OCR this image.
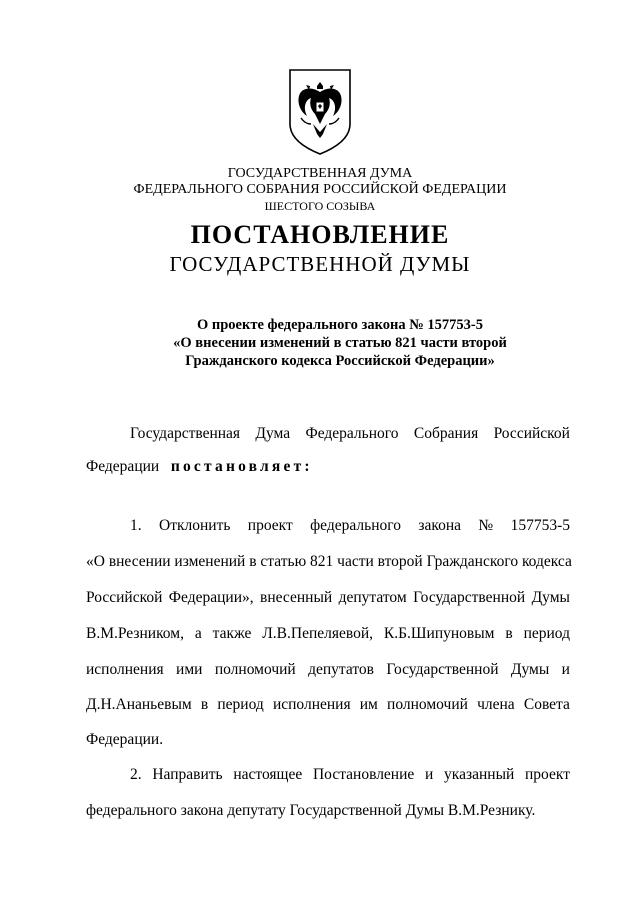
ГОСУДАРСТВЕННАЯ ДУМА
ФЕДЕРАЛЬНОГО СОБРАНИЯ РОССИЙСКОЙ ФЕДЕРАЦИИ
ШЕСТОГО СОЗЫВА
ПОСТАНОВЛЕНИЕ
ГОСУДАРСТВЕННОЙ ДУМЫ
О проекте федерального закона № 157753-5
«О внесении изменений в статью 821 части второй
Гражданского кодекса Российской Федерации»
Государственная Дума Федерального Собрания Российской
Федерации постановляет:
1. Отклонить проект федерального закона № 157753-5
«О внесении изменений в статью 821 части второй Гражданского кодекса
Российской Федерации», внесенный депутатом Государственной Думы
В.М.Резником, а также Л.В.Пепеляевой, К.Б.Шипуновым в период
исполнения ими полномочий депутатов Государственной Думы и
Д.Н.Ананьевым в период исполнения им полномочий члена Совета
Федерации.
2. Направить настоящее Постановление и указанный проект
федерального закона депутату Государственной Думы В.М.Резнику.
